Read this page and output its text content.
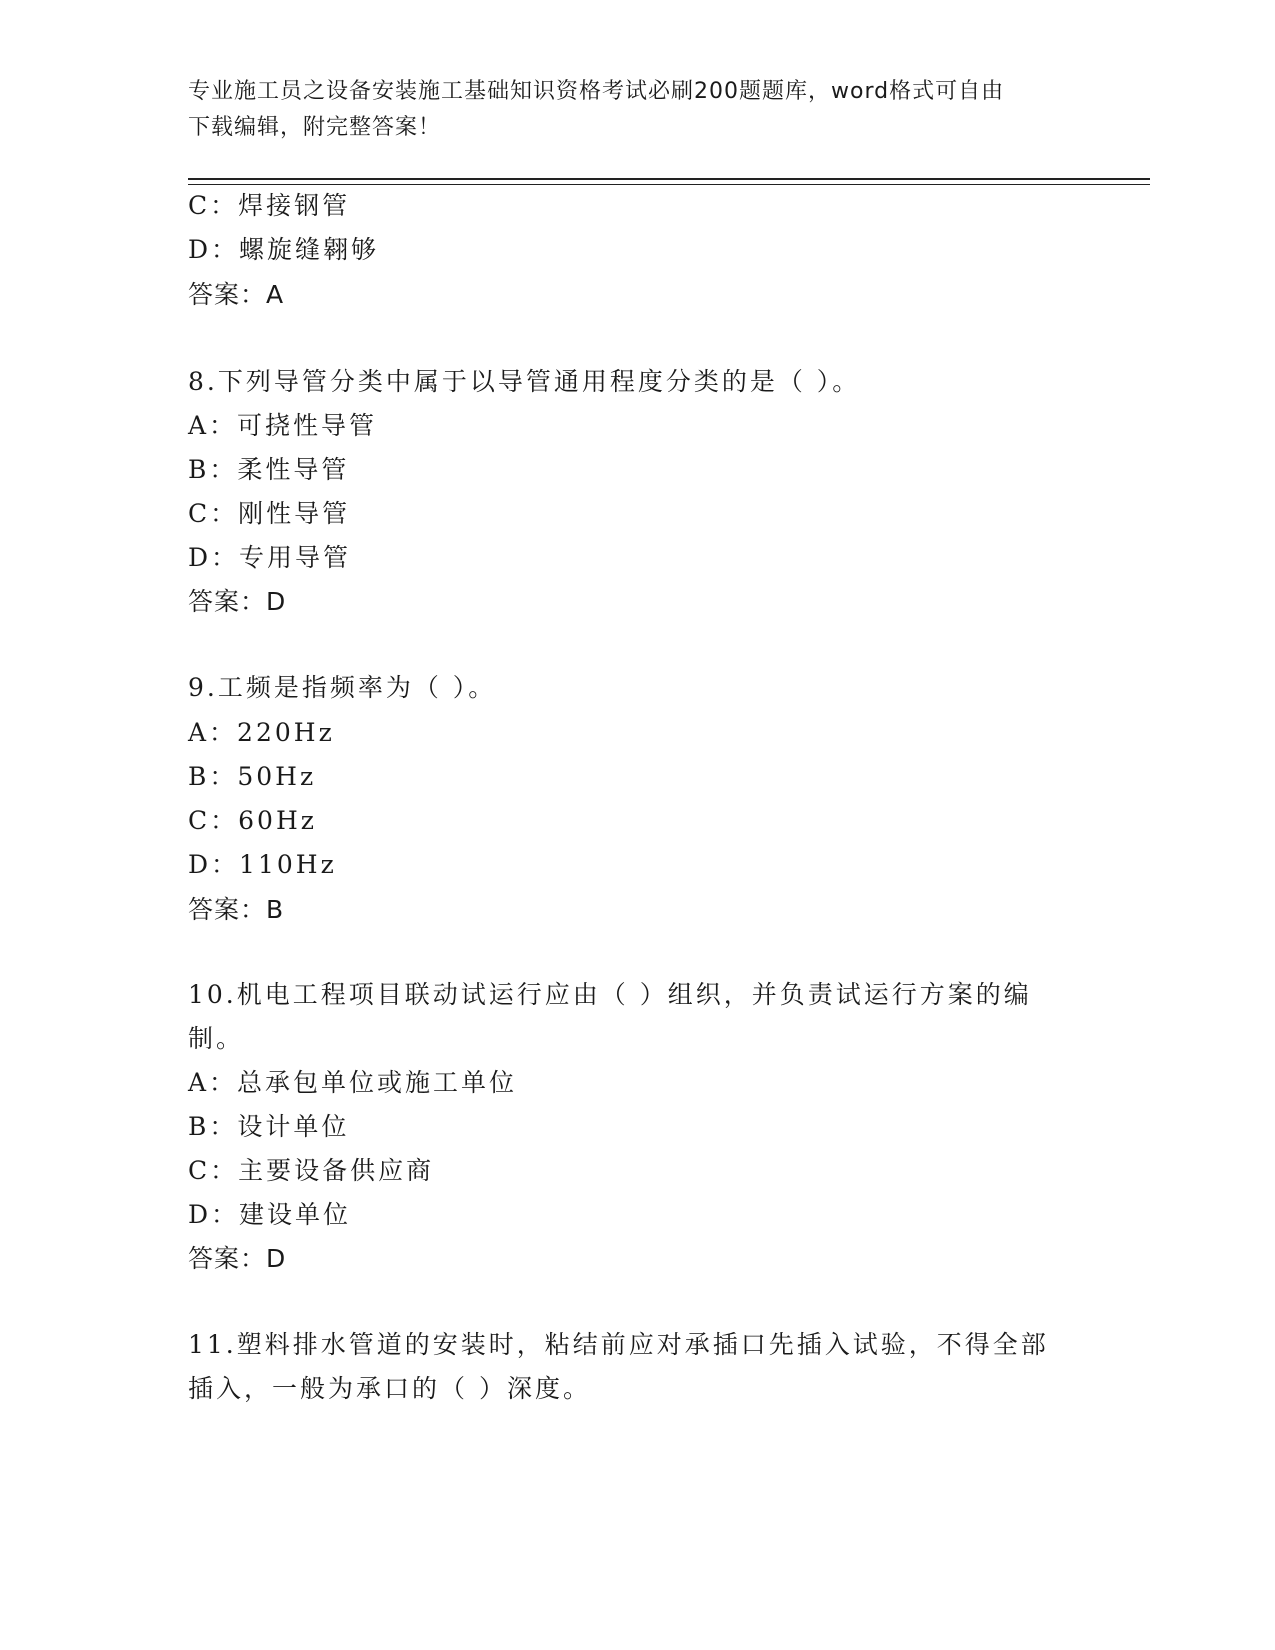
专业施工员之设备安装施工基础知识资格考试必刷200题题库，word格式可自由
下载编辑，附完整答案！
C：焊接钢管
D：螺旋缝翱够
答案：A
8.下列导管分类中属于以导管通用程度分类的是（ ）。
A：可挠性导管
B：柔性导管
C：刚性导管
D：专用导管
答案：D
9.工频是指频率为（ ）。
A：220Hz
B：50Hz
C：60Hz
D：110Hz
答案：B
10.机电工程项目联动试运行应由（ ）组织，并负责试运行方案的编
制。
A：总承包单位或施工单位
B：设计单位
C：主要设备供应商
D：建设单位
答案：D
11.塑料排水管道的安装时，粘结前应对承插口先插入试验，不得全部
插入，一般为承口的（ ）深度。
